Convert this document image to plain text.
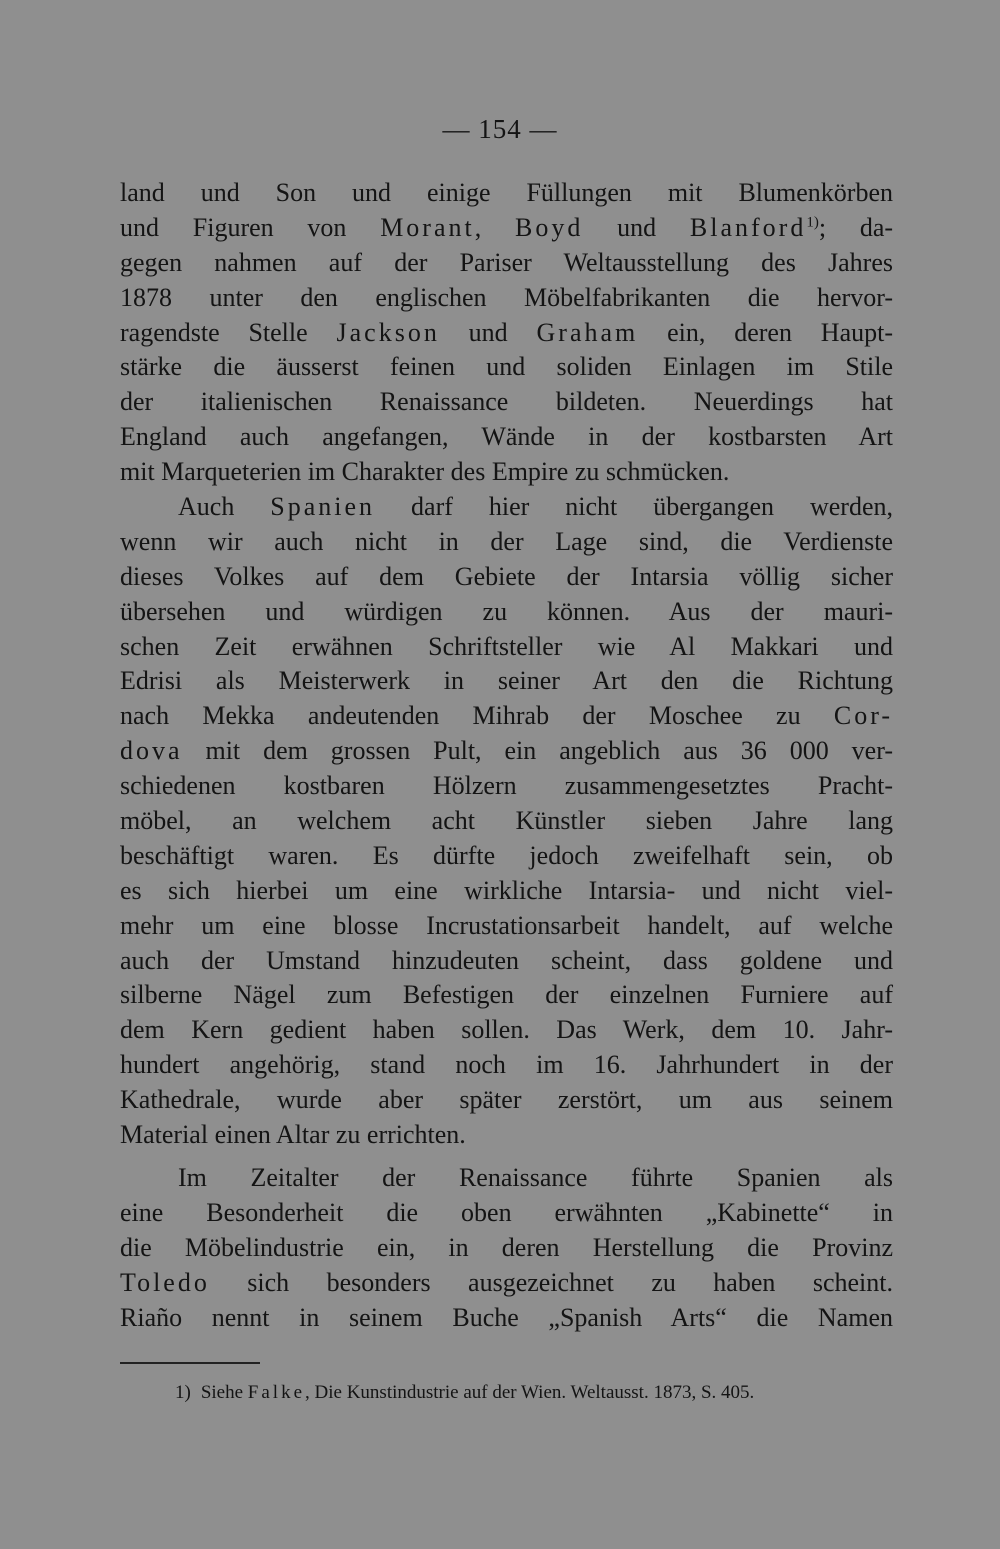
— 154 —
land und Son und einige Füllungen mit Blumenkörben
und Figuren von Morant, Boyd und Blanford$^{1)}$; da-
gegen nahmen auf der Pariser Weltausstellung des Jahres
1878 unter den englischen Möbelfabrikanten die hervor-
ragendste Stelle Jackson und Graham ein, deren Haupt-
stärke die äusserst feinen und soliden Einlagen im Stile
der italienischen Renaissance bildeten. Neuerdings hat
England auch angefangen, Wände in der kostbarsten Art
mit Marqueterien im Charakter des Empire zu schmücken.
Auch Spanien darf hier nicht übergangen werden,
wenn wir auch nicht in der Lage sind, die Verdienste
dieses Volkes auf dem Gebiete der Intarsia völlig sicher
übersehen und würdigen zu können. Aus der mauri-
schen Zeit erwähnen Schriftsteller wie Al Makkari und
Edrisi als Meisterwerk in seiner Art den die Richtung
nach Mekka andeutenden Mihrab der Moschee zu Cor-
dova mit dem grossen Pult, ein angeblich aus 36 000 ver-
schiedenen kostbaren Hölzern zusammengesetztes Pracht-
möbel, an welchem acht Künstler sieben Jahre lang
beschäftigt waren. Es dürfte jedoch zweifelhaft sein, ob
es sich hierbei um eine wirkliche Intarsia- und nicht viel-
mehr um eine blosse Incrustationsarbeit handelt, auf welche
auch der Umstand hinzudeuten scheint, dass goldene und
silberne Nägel zum Befestigen der einzelnen Furniere auf
dem Kern gedient haben sollen. Das Werk, dem 10. Jahr-
hundert angehörig, stand noch im 16. Jahrhundert in der
Kathedrale, wurde aber später zerstört, um aus seinem
Material einen Altar zu errichten.
Im Zeitalter der Renaissance führte Spanien als
eine Besonderheit die oben erwähnten „Kabinette“ in
die Möbelindustrie ein, in deren Herstellung die Provinz
Toledo sich besonders ausgezeichnet zu haben scheint.
Riaño nennt in seinem Buche „Spanish Arts“ die Namen
1) Siehe Falke, Die Kunstindustrie auf der Wien. Weltausst. 1873, S. 405.
